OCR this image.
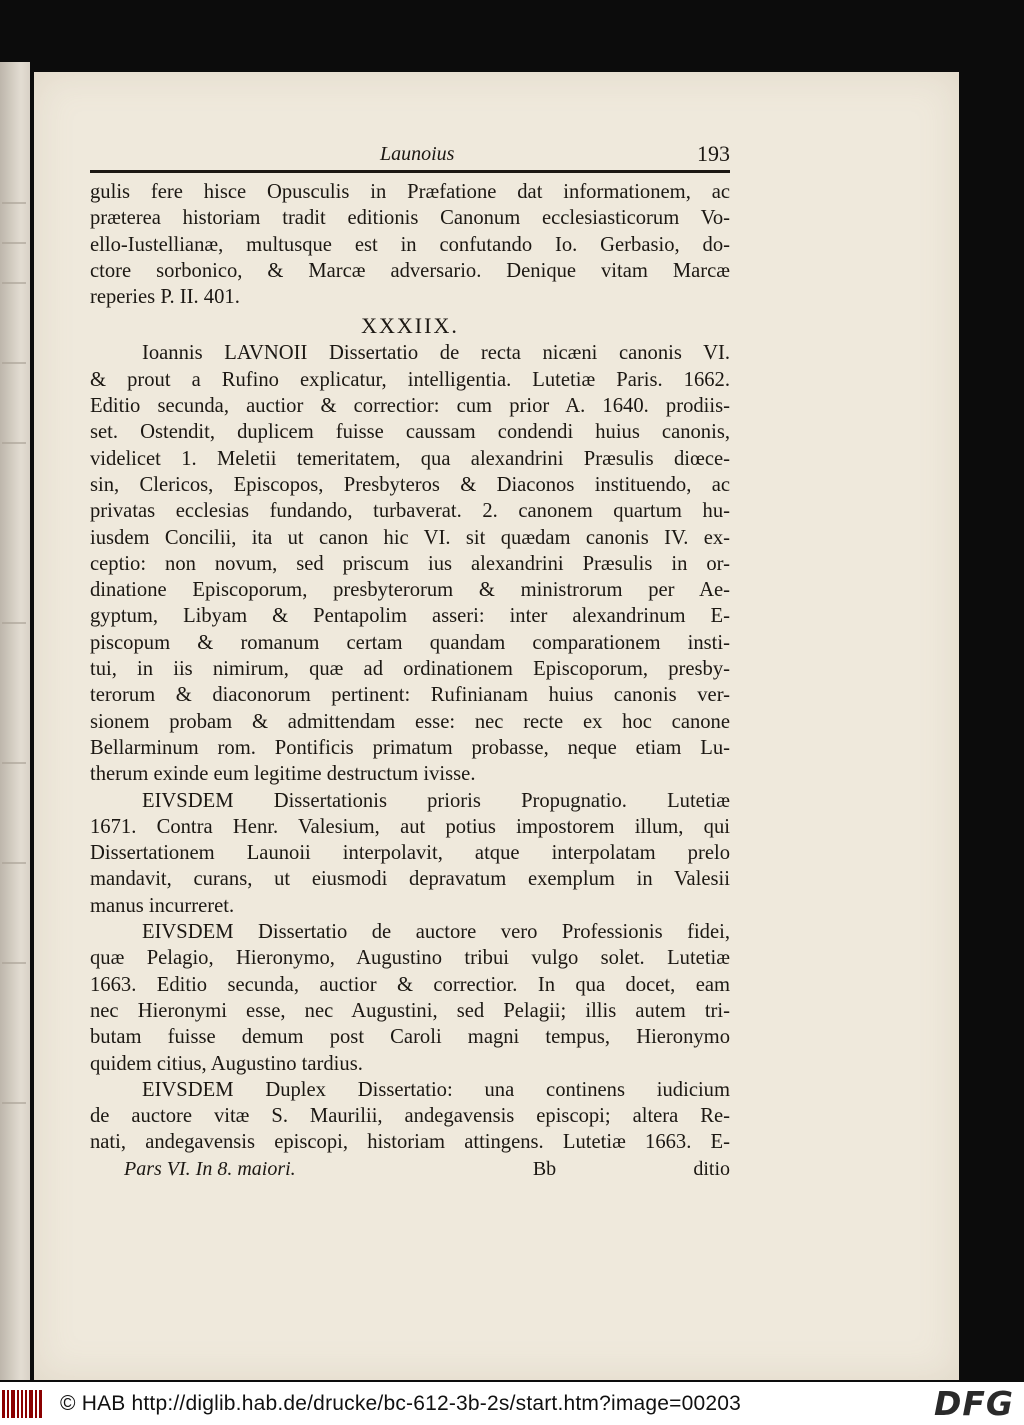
Launoius	193

gulis fere hisce Opusculis in Præfatione dat informationem, ac
præterea historiam tradit editionis Canonum ecclesiasticorum Vo-
ello-Iustellianæ, multusque est in confutando Io. Gerbasio, do-
ctore sorbonico, & Marcæ adversario. Denique vitam Marcæ
reperies P. II. 401.

XXXIIX.

Ioannis LAVNOII Dissertatio de recta nicæni canonis VI.
& prout a Rufino explicatur, intelligentia. Lutetiæ Paris. 1662.
Editio secunda, auctior & correctior: cum prior A. 1640. prodiis-
set. Ostendit, duplicem fuisse caussam condendi huius canonis,
videlicet 1. Meletii temeritatem, qua alexandrini Præsulis diœce-
sin, Clericos, Episcopos, Presbyteros & Diaconos instituendo, ac
privatas ecclesias fundando, turbaverat. 2. canonem quartum hu-
iusdem Concilii, ita ut canon hic VI. sit quædam canonis IV. ex-
ceptio: non novum, sed priscum ius alexandrini Præsulis in or-
dinatione Episcoporum, presbyterorum & ministrorum per Ae-
gyptum, Libyam & Pentapolim asseri: inter alexandrinum E-
piscopum & romanum certam quandam comparationem insti-
tui, in iis nimirum, quæ ad ordinationem Episcoporum, presby-
terorum & diaconorum pertinent: Rufinianam huius canonis ver-
sionem probam & admittendam esse: nec recte ex hoc canone
Bellarminum rom. Pontificis primatum probasse, neque etiam Lu-
therum exinde eum legitime destructum ivisse.

EIVSDEM Dissertationis prioris Propugnatio. Lutetiæ
1671. Contra Henr. Valesium, aut potius impostorem illum, qui
Dissertationem Launoii interpolavit, atque interpolatam prelo
mandavit, curans, ut eiusmodi depravatum exemplum in Valesii
manus incurreret.

EIVSDEM Dissertatio de auctore vero Professionis fidei,
quæ Pelagio, Hieronymo, Augustino tribui vulgo solet. Lutetiæ
1663. Editio secunda, auctior & correctior. In qua docet, eam
nec Hieronymi esse, nec Augustini, sed Pelagii; illis autem tri-
butam fuisse demum post Caroli magni tempus, Hieronymo
quidem citius, Augustino tardius.

EIVSDEM Duplex Dissertatio: una continens iudicium
de auctore vitæ S. Maurilii, andegavensis episcopi; altera Re-
nati, andegavensis episcopi, historiam attingens. Lutetiæ 1663. E-

Pars VI. In 8. maiori.	Bb	ditio
© HAB http://diglib.hab.de/drucke/bc-612-3b-2s/start.htm?image=00203	DFG
